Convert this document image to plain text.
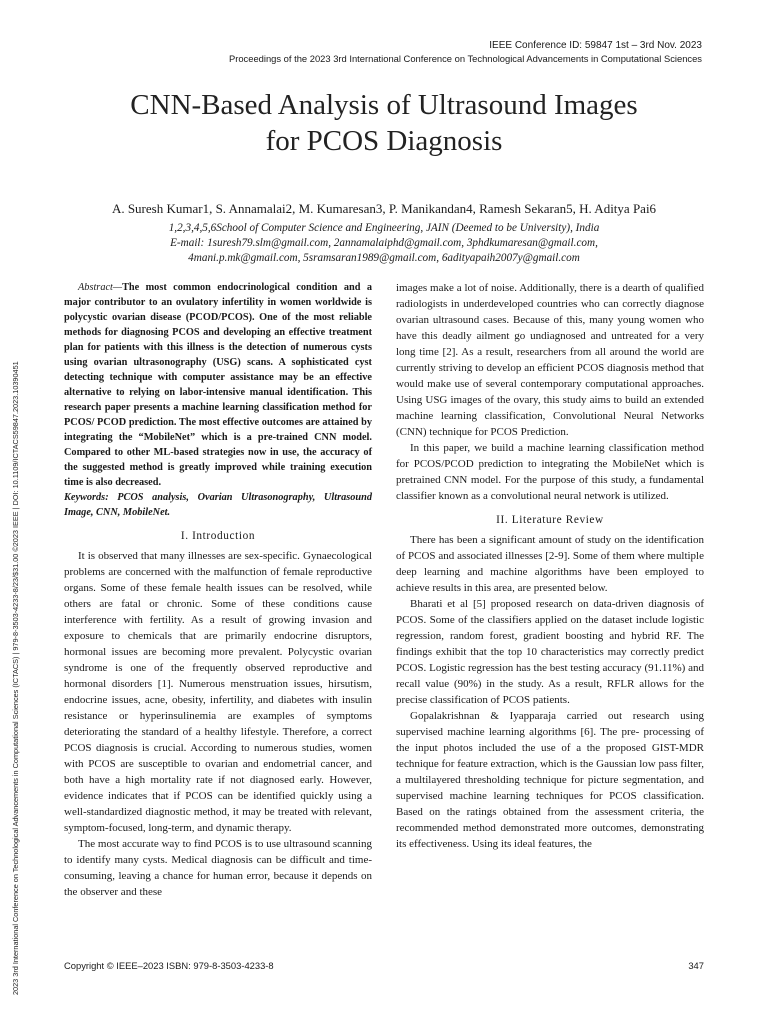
IEEE Conference ID: 59847 1st – 3rd Nov. 2023
Proceedings of the 2023 3rd International Conference on Technological Advancements in Computational Sciences
2023 3rd International Conference on Technological Advancements in Computational Sciences (ICTACS) | 979-8-3503-4233-8/23/$31.00 ©2023 IEEE | DOI: 10.1109/ICTACS59847.2023.10390451
CNN-Based Analysis of Ultrasound Images
for PCOS Diagnosis
A. Suresh Kumar1, S. Annamalai2, M. Kumaresan3, P. Manikandan4, Ramesh Sekaran5, H. Aditya Pai6
1,2,3,4,5,6School of Computer Science and Engineering, JAIN (Deemed to be University), India
E-mail: 1suresh79.slm@gmail.com, 2annamalaiphd@gmail.com, 3phdkumaresan@gmail.com,
4mani.p.mk@gmail.com, 5sramsaran1989@gmail.com, 6adityapaih2007y@gmail.com

Abstract—The most common endocrinological condition and a major contributor to an ovulatory infertility in women worldwide is polycystic ovarian disease (PCOD/PCOS). One of the most reliable methods for diagnosing PCOS and developing an effective treatment plan for patients with this illness is the detection of numerous cysts using ovarian ultrasonography (USG) scans. A sophisticated cyst detecting technique with computer assistance may be an effective alternative to relying on labor-intensive manual identification. This research paper presents a machine learning classification method for PCOS/ PCOD prediction. The most effective outcomes are attained by integrating the “MobileNet” which is a pre-trained CNN model. Compared to other ML-based strategies now in use, the accuracy of the suggested method is greatly improved while training execution time is also decreased.

Keywords: PCOS analysis, Ovarian Ultrasonography, Ultrasound Image, CNN, MobileNet.

I. Introduction

It is observed that many illnesses are sex-specific. Gynaecological problems are concerned with the malfunction of female reproductive organs. Some of these female health issues can be resolved, while others are fatal or chronic. Some of these conditions cause interference with fertility. As a result of growing invasion and exposure to chemicals that are primarily endocrine disruptors, hormonal issues are becoming more prevalent. Polycystic ovarian syndrome is one of the frequently observed reproductive and hormonal disorders [1]. Numerous menstruation issues, hirsutism, endocrine issues, acne, obesity, infertility, and diabetes with insulin resistance or hyperinsulinemia are examples of symptoms deteriorating the standard of a healthy lifestyle. Therefore, a correct PCOS diagnosis is crucial. According to numerous studies, women with PCOS are susceptible to ovarian and endometrial cancer, and both have a high mortality rate if not diagnosed early. However, evidence indicates that if PCOS can be identified quickly using a well-standardized diagnostic method, it may be treated with relevant, symptom-focused, long-term, and dynamic therapy.

The most accurate way to find PCOS is to use ultrasound scanning to identify many cysts. Medical diagnosis can be difficult and time-consuming, leaving a chance for human error, because it depends on the observer and these

images make a lot of noise. Additionally, there is a dearth of qualified radiologists in underdeveloped countries who can correctly diagnose ovarian ultrasound cases. Because of this, many young women who have this deadly ailment go undiagnosed and untreated for a very long time [2]. As a result, researchers from all around the world are currently striving to develop an efficient PCOS diagnosis method that would make use of several contemporary computational approaches. Using USG images of the ovary, this study aims to build an extended machine learning classification, Convolutional Neural Networks (CNN) technique for PCOS Prediction.

In this paper, we build a machine learning classification method for PCOS/PCOD prediction to integrating the MobileNet which is pretrained CNN model. For the purpose of this study, a fundamental classifier known as a convolutional neural network is utilized.

II. Literature Review

There has been a significant amount of study on the identification of PCOS and associated illnesses [2-9]. Some of them where multiple deep learning and machine algorithms have been employed to achieve results in this area, are presented below.

Bharati et al [5] proposed research on data-driven diagnosis of PCOS. Some of the classifiers applied on the dataset include logistic regression, random forest, gradient boosting and hybrid RF. The findings exhibit that the top 10 characteristics may correctly predict PCOS. Logistic regression has the best testing accuracy (91.11%) and recall value (90%) in the study. As a result, RFLR allows for the precise classification of PCOS patients.

Gopalakrishnan & Iyapparaja carried out research using supervised machine learning algorithms [6]. The pre- processing of the input photos included the use of a the proposed GIST-MDR technique for feature extraction, which is the Gaussian low pass filter, a multilayered thresholding technique for picture segmentation, and supervised machine learning techniques for PCOS classification. Based on the ratings obtained from the assessment criteria, the recommended method demonstrated more outcomes, demonstrating its effectiveness. Using its ideal features, the

Copyright © IEEE–2023 ISBN: 979-8-3503-4233-8	347
